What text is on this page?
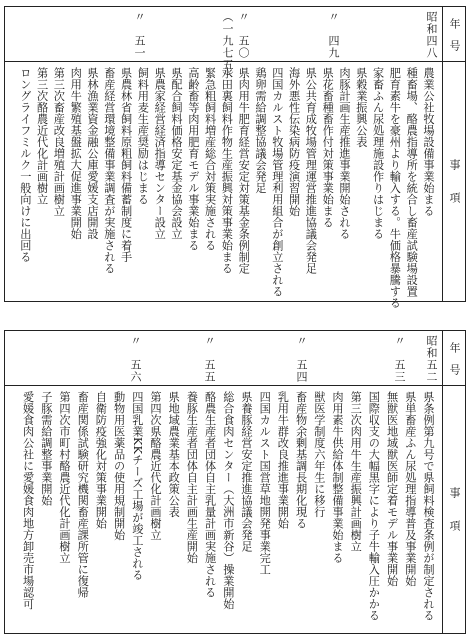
年　号
事　　項
昭和四八
〃　四九
〃　五〇
（一九七五）
〃　五一
農業公社牧場設備事業始まる
種畜場、酪農指導所を統合し畜産試験場設置
肥育素牛を豪州より輸入する。牛価格暴騰する
家畜ふん尿処理施設作りはじまる
県穀業振興公表
肉豚計画生産推進事業開始される
県花畜種畜作付対策事業始まる
県公共育成牧場管理運営推進協議会発足
海外悪性伝染病防疫演習開始
四国カルスト牧場管理利用組合が創立される
鶏卵需給調整協議会発足
県肉用牛肥育経営安定対策基金条例制定
水田裏飼料作物生産振興対策事業始まる
緊急粗飼料増産総合対策実施される
高齢畜等肉用肥育モデル事業始まる
県配合飼料価格安定基金協会設立
県農家経営経済指導センター設立
飼料用麦生産奨励はじまる
県農林省飼料原粗飼料備蓄制度に着手
畜産経営環境整備事業調査が実施される
県林漁業資金融公庫愛媛支店開設
肉用牛繁殖基盤拡大促進事業開始
第三次畜産改良増殖計画樹立
第三次酪農近代化計画樹立
ロングライフミルク一般向けに出回る
年　号
事　　項
昭和五二
〃　五三
〃　五四
〃　五五
〃　五六
県条例第九号で県飼料検査条例が制定される
県単畜産ふん尿処理指導普及事業開始
無獣医地域獣医師定着モデル事業開始
国際収支の大幅黒字により子牛輸入圧かかる
第三次肉用牛生産振興計画樹立
肉用素牛供給体制整備事業始まる
獣医学制度六年生に移行
畜産物余剰基調長期化現る
乳用牛群改良推進事業開始
四国カルスト国営草地開発事業完工
県養豚経営安定推進協議会発足
総合食肉センター（大洲市新谷）操業開始
酪農生産者団体自主乳量計画実施される
養豚生産者団体自主計画生産開始
県地域農業基本政策公表
第四次県酪農近代化計画樹立
四国乳業KKチーズ工場が竣工される
動物用医薬品の使用規制開始
自衛防疫強化対策事業開始
畜産関係試験研究機関畜産課所管に復帰
第四次市町村酪農近代化計画樹立
子豚需給調整事業開始
愛媛食肉公社に愛媛食肉地方卸売市場認可
